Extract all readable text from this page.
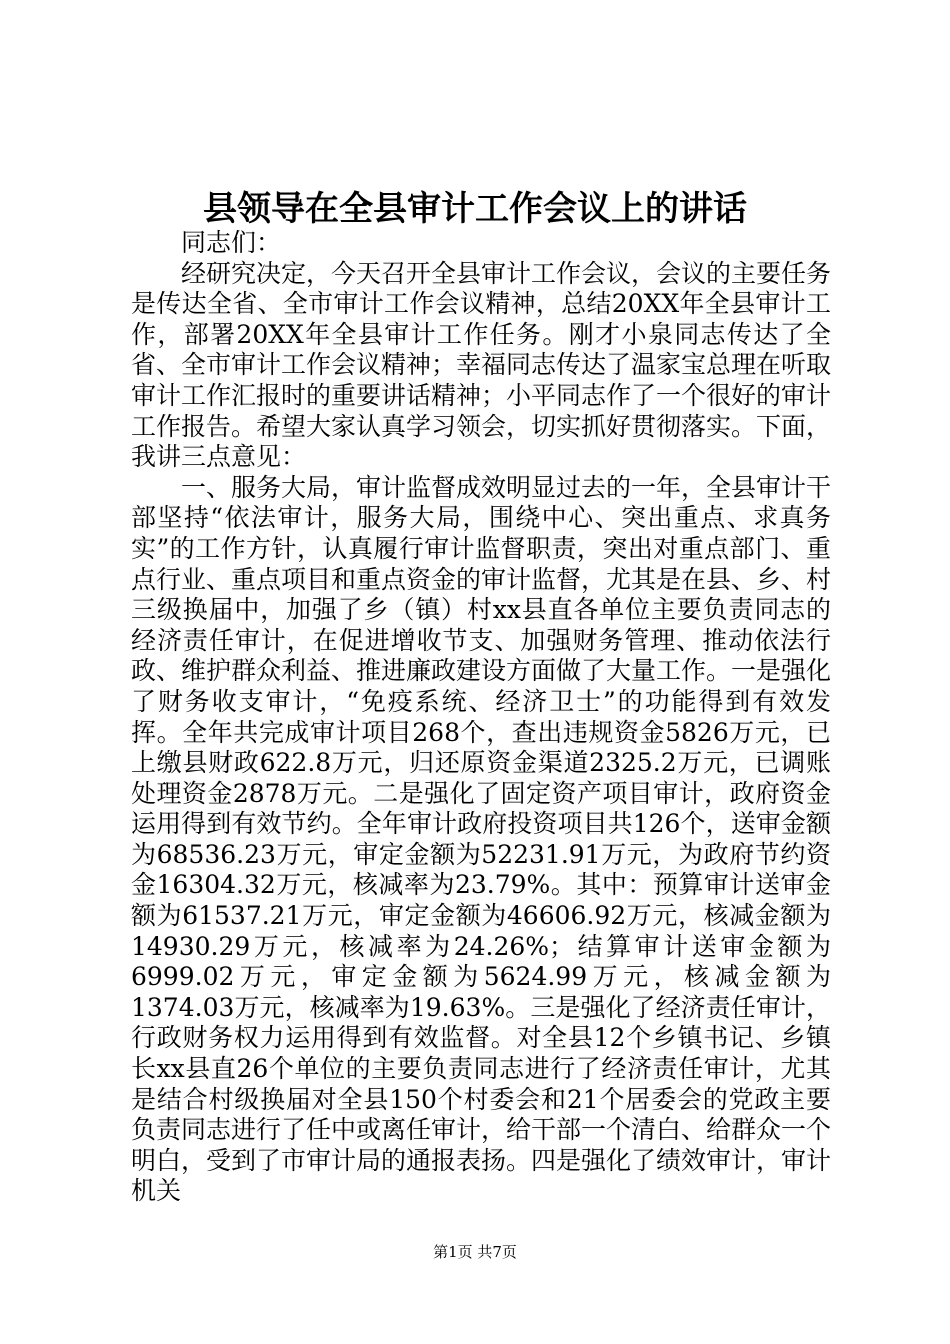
县领导在全县审计工作会议上的讲话

同志们：

经研究决定，今天召开全县审计工作会议，会议的主要任务是传达全省、全市审计工作会议精神，总结20XX年全县审计工作，部署20XX年全县审计工作任务。刚才小泉同志传达了全省、全市审计工作会议精神；幸福同志传达了温家宝总理在听取审计工作汇报时的重要讲话精神；小平同志作了一个很好的审计工作报告。希望大家认真学习领会，切实抓好贯彻落实。下面，我讲三点意见：

一、服务大局，审计监督成效明显过去的一年，全县审计干部坚持“依法审计，服务大局，围绕中心、突出重点、求真务实”的工作方针，认真履行审计监督职责，突出对重点部门、重点行业、重点项目和重点资金的审计监督，尤其是在县、乡、村三级换届中，加强了乡（镇）村xx县直各单位主要负责同志的经济责任审计，在促进增收节支、加强财务管理、推动依法行政、维护群众利益、推进廉政建设方面做了大量工作。一是强化了财务收支审计，“免疫系统、经济卫士”的功能得到有效发挥。全年共完成审计项目268个，查出违规资金5826万元，已上缴县财政622.8万元，归还原资金渠道2325.2万元，已调账处理资金2878万元。二是强化了固定资产项目审计，政府资金运用得到有效节约。全年审计政府投资项目共126个，送审金额为68536.23万元，审定金额为52231.91万元，为政府节约资金16304.32万元，核减率为23.79%。其中：预算审计送审金额为61537.21万元，审定金额为46606.92万元，核减金额为14930.29万元，核减率为24.26%；结算审计送审金额为6999.02万元，审定金额为5624.99万元，核减金额为1374.03万元，核减率为19.63%。三是强化了经济责任审计，行政财务权力运用得到有效监督。对全县12个乡镇书记、乡镇长xx县直26个单位的主要负责同志进行了经济责任审计，尤其是结合村级换届对全县150个村委会和21个居委会的党政主要负责同志进行了任中或离任审计，给干部一个清白、给群众一个明白，受到了市审计局的通报表扬。四是强化了绩效审计，审计机关

第1页 共7页
